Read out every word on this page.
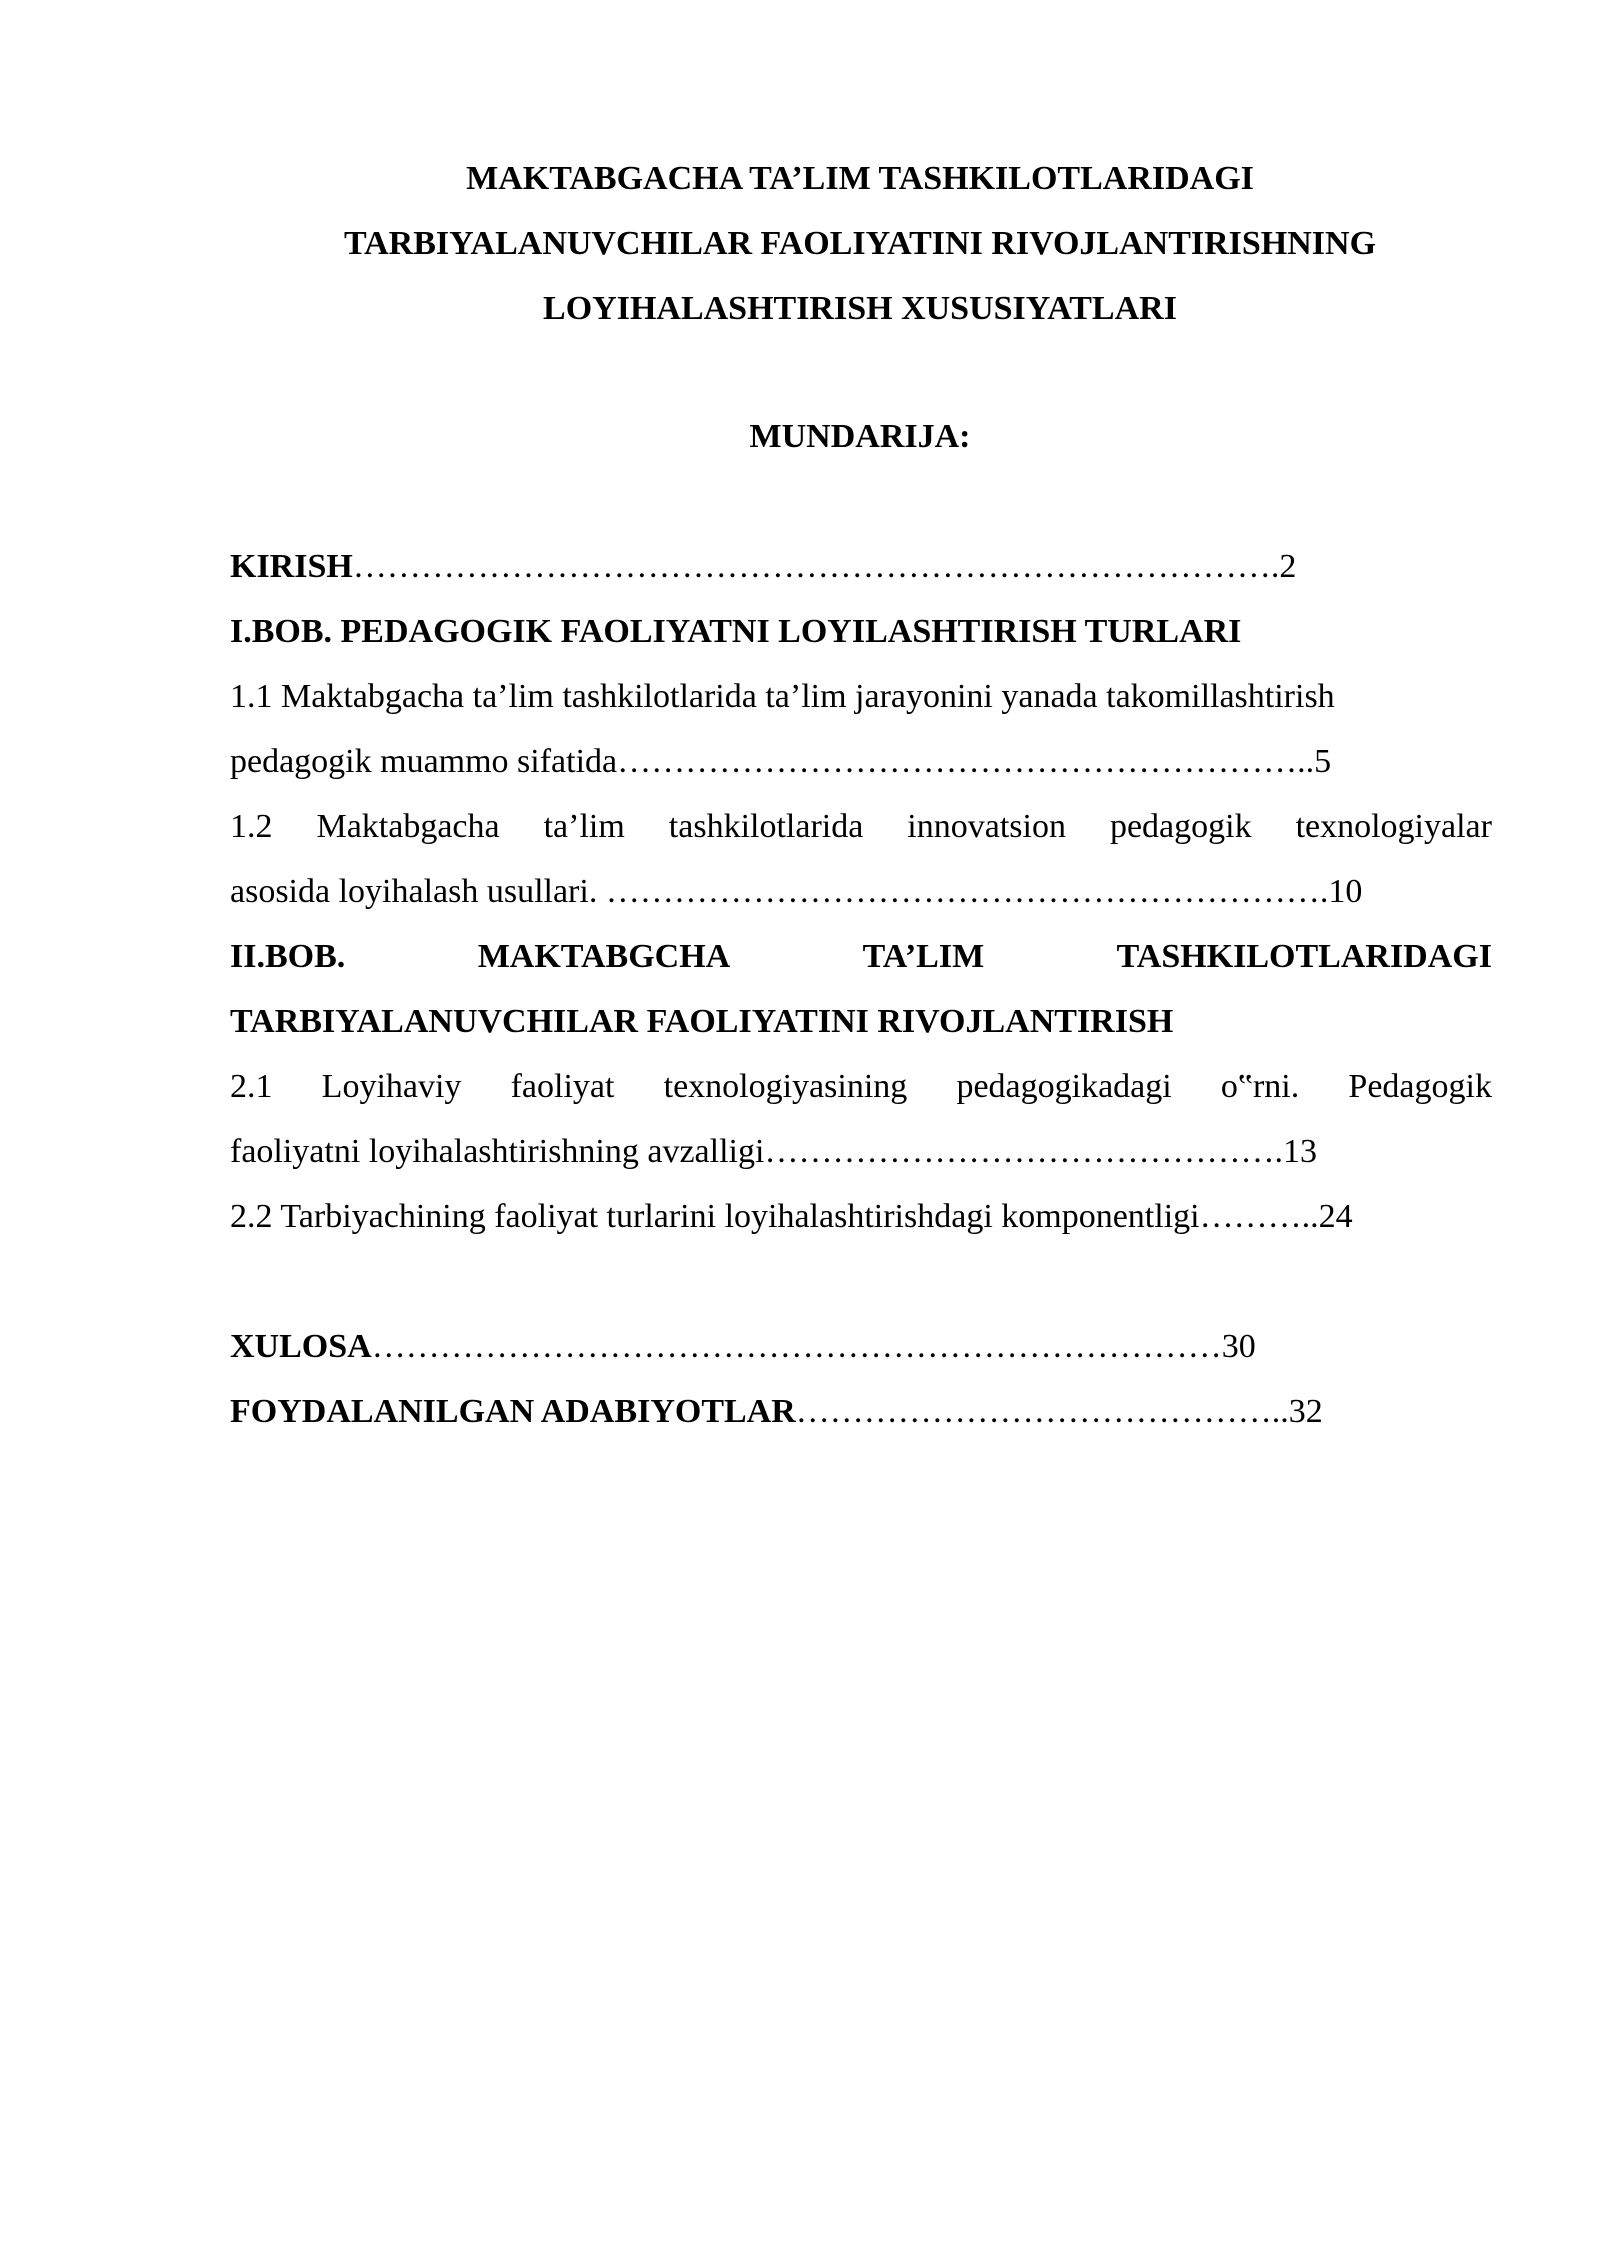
MAKTABGACHA TA’LIM TASHKILOTLARIDAGI
TARBIYALANUVCHILAR FAOLIYATINI RIVOJLANTIRISHNING
LOYIHALASHTIRISH XUSUSIYATLARI
MUNDARIJA:
KIRISH……………………………………………………………………….2
I.BOB. PEDAGOGIK FAOLIYATNI LOYILASHTIRISH TURLARI
1.1 Maktabgacha ta’lim tashkilotlarida ta’lim jarayonini yanada takomillashtirish
pedagogik muammo sifatida……………………………………………………..5
1.2 Maktabgacha ta’lim tashkilotlarida innovatsion pedagogik texnologiyalar
asosida loyihalash usullari. ……………………………………………………….10
II.BOB.	MAKTABGCHA	TA’LIM	TASHKILOTLARIDAGI
TARBIYALANUVCHILAR FAOLIYATINI RIVOJLANTIRISH
2.1 Loyihaviy faoliyat texnologiyasining pedagogikadagi o‟rni. Pedagogik
faoliyatni loyihalashtirishning avzalligi……………………………………….13
2.2 Tarbiyachining faoliyat turlarini loyihalashtirishdagi komponentligi………..24
XULOSA…………………………………………………………………30
FOYDALANILGAN ADABIYOTLAR……………………………………..32
